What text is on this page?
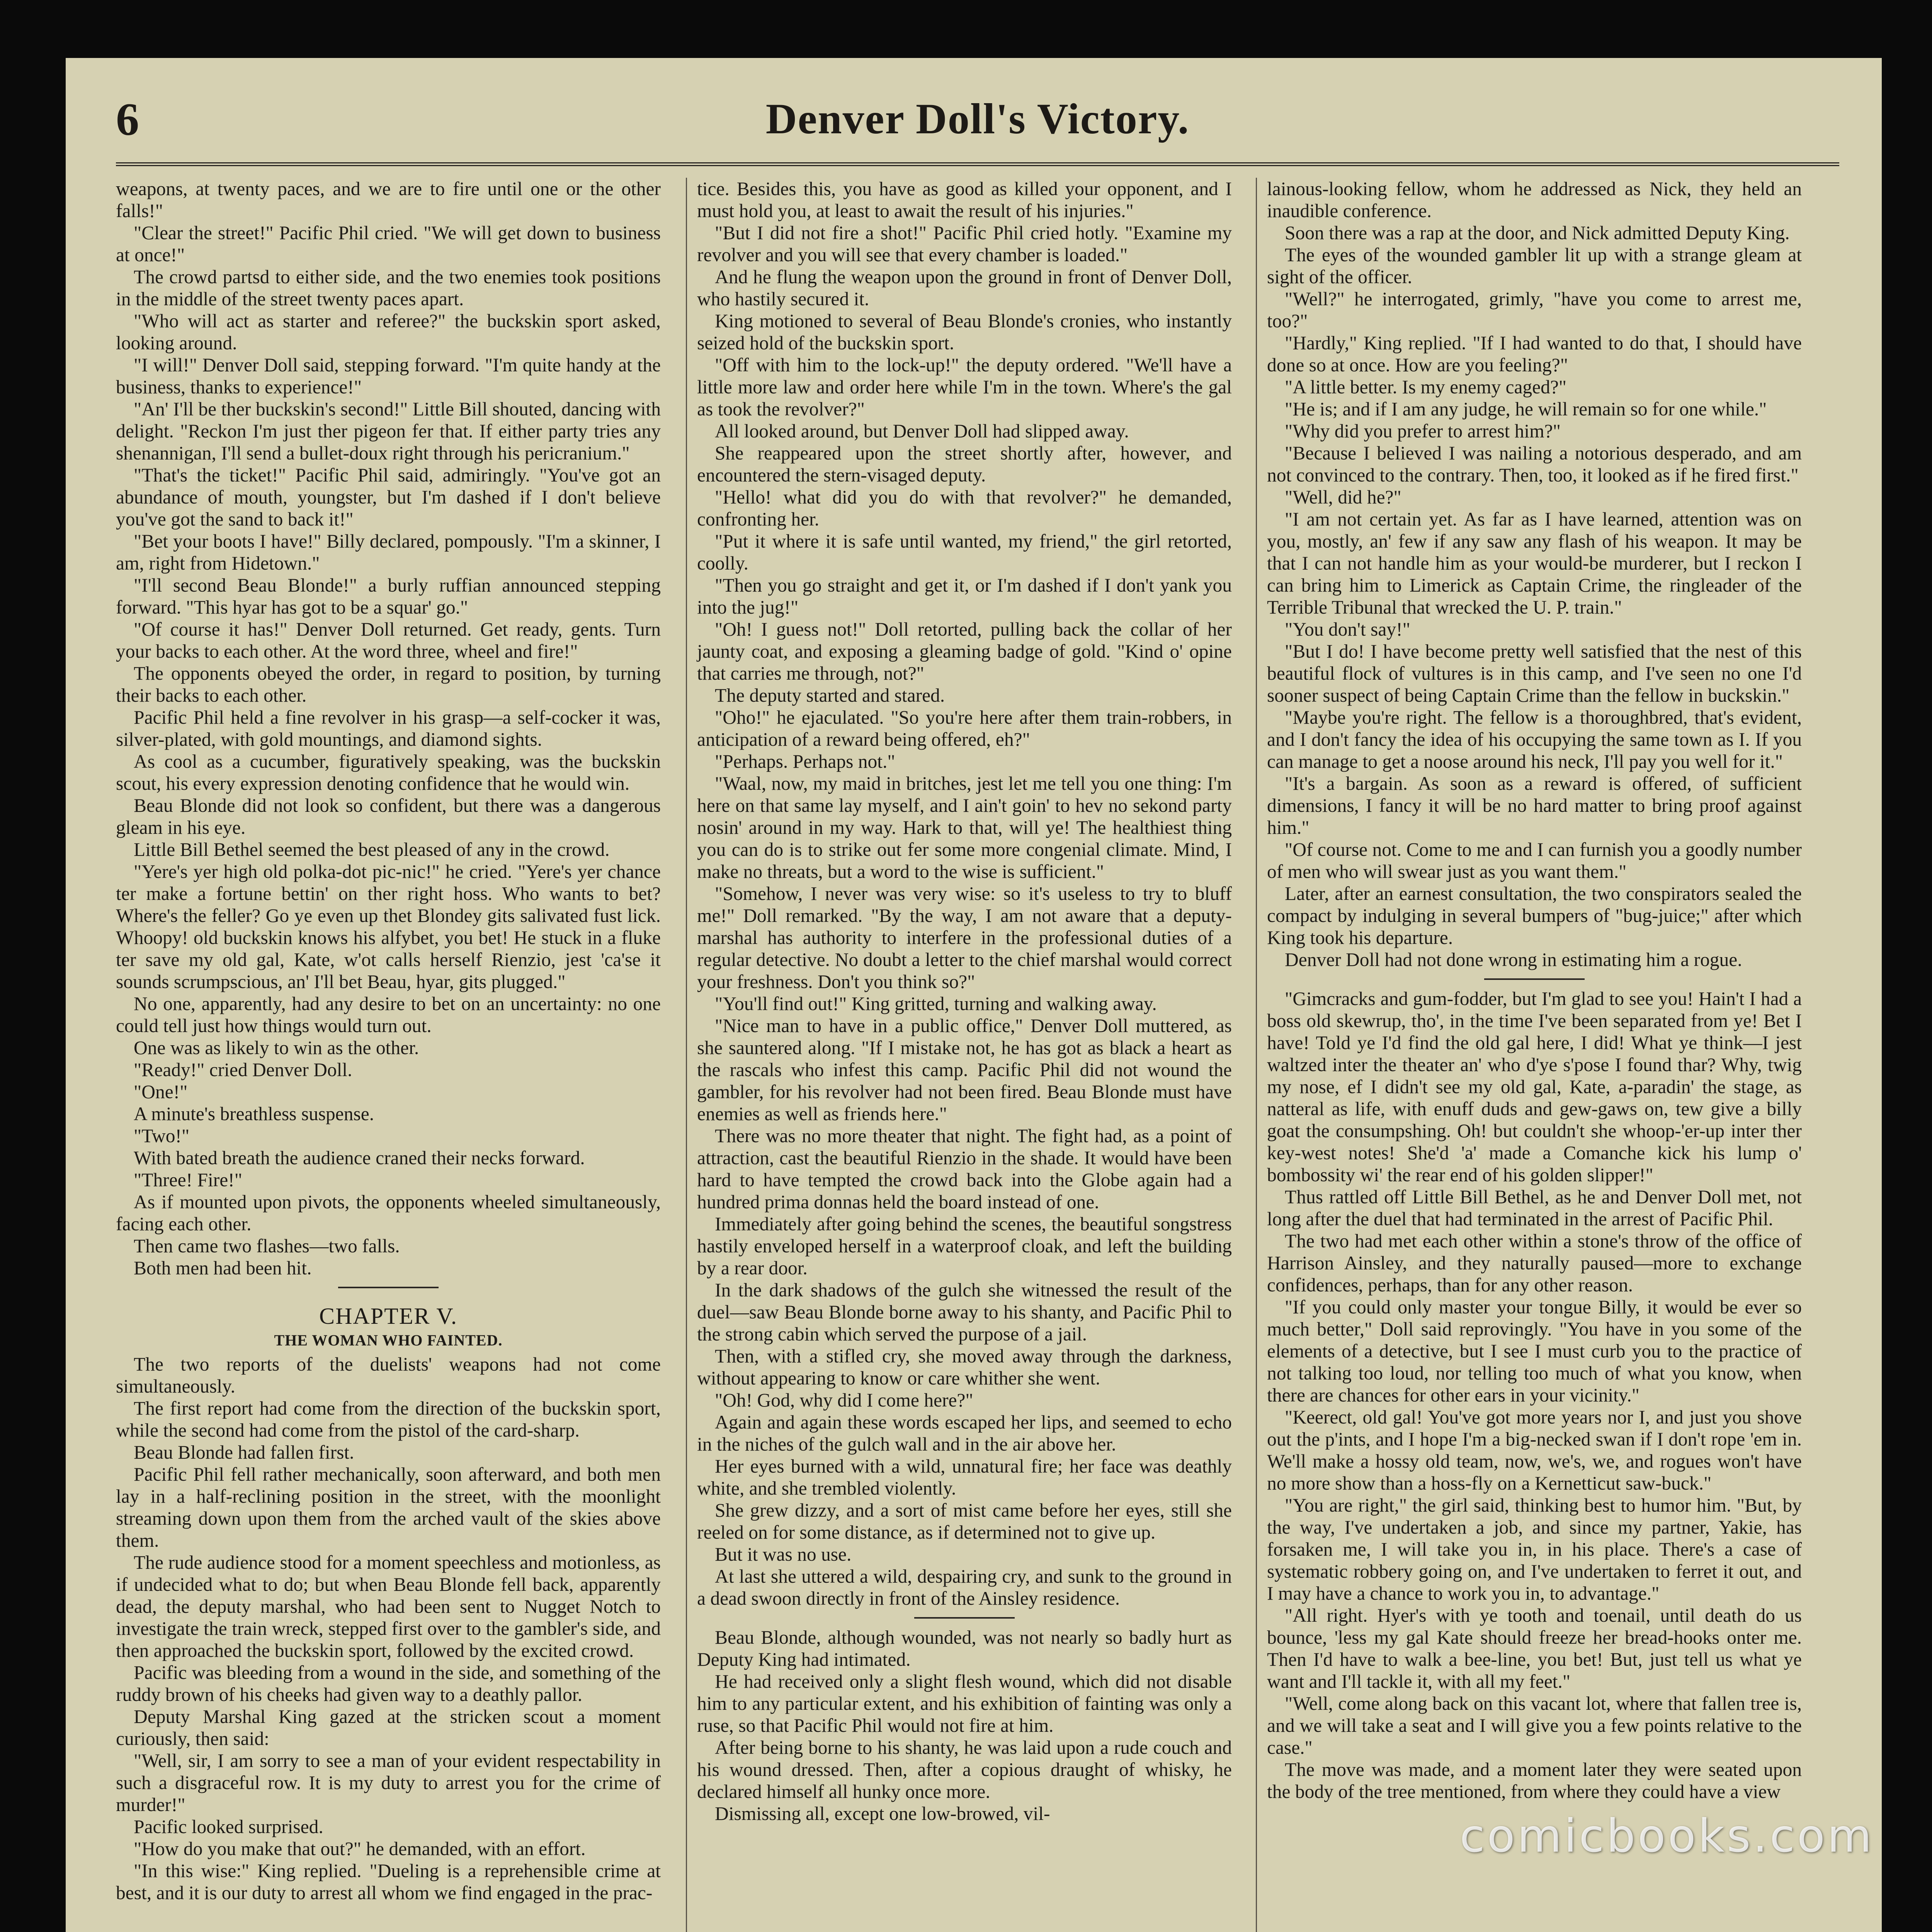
6	Denver Doll's Victory.

weapons, at twenty paces, and we are to fire until one or the other falls!"

"Clear the street!" Pacific Phil cried. "We will get down to business at once!"

The crowd partsd to either side, and the two enemies took positions in the middle of the street twenty paces apart.

"Who will act as starter and referee?" the buckskin sport asked, looking around.

"I will!" Denver Doll said, stepping forward. "I'm quite handy at the business, thanks to experience!"

"An' I'll be ther buckskin's second!" Little Bill shouted, dancing with delight. "Reckon I'm just ther pigeon fer that. If either party tries any shenannigan, I'll send a bullet-doux right through his pericranium."

"That's the ticket!" Pacific Phil said, admiringly. "You've got an abundance of mouth, youngster, but I'm dashed if I don't believe you've got the sand to back it!"

"Bet your boots I have!" Billy declared, pompously. "I'm a skinner, I am, right from Hidetown."

"I'll second Beau Blonde!" a burly ruffian announced stepping forward. "This hyar has got to be a squar' go."

"Of course it has!" Denver Doll returned. Get ready, gents. Turn your backs to each other. At the word three, wheel and fire!"

The opponents obeyed the order, in regard to position, by turning their backs to each other.

Pacific Phil held a fine revolver in his grasp—a self-cocker it was, silver-plated, with gold mountings, and diamond sights.

As cool as a cucumber, figuratively speaking, was the buckskin scout, his every expression denoting confidence that he would win.

Beau Blonde did not look so confident, but there was a dangerous gleam in his eye.

Little Bill Bethel seemed the best pleased of any in the crowd.

"Yere's yer high old polka-dot pic-nic!" he cried. "Yere's yer chance ter make a fortune bettin' on ther right hoss. Who wants to bet? Where's the feller? Go ye even up thet Blondey gits salivated fust lick. Whoopy! old buckskin knows his alfybet, you bet! He stuck in a fluke ter save my old gal, Kate, w'ot calls herself Rienzio, jest 'ca'se it sounds scrumpscious, an' I'll bet Beau, hyar, gits plugged."

No one, apparently, had any desire to bet on an uncertainty: no one could tell just how things would turn out.

One was as likely to win as the other.

"Ready!" cried Denver Doll.

"One!"

A minute's breathless suspense.

"Two!"

With bated breath the audience craned their necks forward.

"Three! Fire!"

As if mounted upon pivots, the opponents wheeled simultaneously, facing each other.

Then came two flashes—two falls.

Both men had been hit.

CHAPTER V.
THE WOMAN WHO FAINTED.

The two reports of the duelists' weapons had not come simultaneously.

The first report had come from the direction of the buckskin sport, while the second had come from the pistol of the card-sharp.

Beau Blonde had fallen first.

Pacific Phil fell rather mechanically, soon afterward, and both men lay in a half-reclining position in the street, with the moonlight streaming down upon them from the arched vault of the skies above them.

The rude audience stood for a moment speechless and motionless, as if undecided what to do; but when Beau Blonde fell back, apparently dead, the deputy marshal, who had been sent to Nugget Notch to investigate the train wreck, stepped first over to the gambler's side, and then approached the buckskin sport, followed by the excited crowd.

Pacific was bleeding from a wound in the side, and something of the ruddy brown of his cheeks had given way to a deathly pallor.

Deputy Marshal King gazed at the stricken scout a moment curiously, then said:

"Well, sir, I am sorry to see a man of your evident respectability in such a disgraceful row. It is my duty to arrest you for the crime of murder!"

Pacific looked surprised.

"How do you make that out?" he demanded, with an effort.

"In this wise:" King replied. "Dueling is a reprehensible crime at best, and it is our duty to arrest all whom we find engaged in the prac-

tice. Besides this, you have as good as killed your opponent, and I must hold you, at least to await the result of his injuries."

"But I did not fire a shot!" Pacific Phil cried hotly. "Examine my revolver and you will see that every chamber is loaded."

And he flung the weapon upon the ground in front of Denver Doll, who hastily secured it.

King motioned to several of Beau Blonde's cronies, who instantly seized hold of the buckskin sport.

"Off with him to the lock-up!" the deputy ordered. "We'll have a little more law and order here while I'm in the town. Where's the gal as took the revolver?"

All looked around, but Denver Doll had slipped away.

She reappeared upon the street shortly after, however, and encountered the stern-visaged deputy.

"Hello! what did you do with that revolver?" he demanded, confronting her.

"Put it where it is safe until wanted, my friend," the girl retorted, coolly.

"Then you go straight and get it, or I'm dashed if I don't yank you into the jug!"

"Oh! I guess not!" Doll retorted, pulling back the collar of her jaunty coat, and exposing a gleaming badge of gold. "Kind o' opine that carries me through, not?"

The deputy started and stared.

"Oho!" he ejaculated. "So you're here after them train-robbers, in anticipation of a reward being offered, eh?"

"Perhaps. Perhaps not."

"Waal, now, my maid in britches, jest let me tell you one thing: I'm here on that same lay myself, and I ain't goin' to hev no sekond party nosin' around in my way. Hark to that, will ye! The healthiest thing you can do is to strike out fer some more congenial climate. Mind, I make no threats, but a word to the wise is sufficient."

"Somehow, I never was very wise: so it's useless to try to bluff me!" Doll remarked. "By the way, I am not aware that a deputy-marshal has authority to interfere in the professional duties of a regular detective. No doubt a letter to the chief marshal would correct your freshness. Don't you think so?"

"You'll find out!" King gritted, turning and walking away.

"Nice man to have in a public office," Denver Doll muttered, as she sauntered along. "If I mistake not, he has got as black a heart as the rascals who infest this camp. Pacific Phil did not wound the gambler, for his revolver had not been fired. Beau Blonde must have enemies as well as friends here."

There was no more theater that night. The fight had, as a point of attraction, cast the beautiful Rienzio in the shade. It would have been hard to have tempted the crowd back into the Globe again had a hundred prima donnas held the board instead of one.

Immediately after going behind the scenes, the beautiful songstress hastily enveloped herself in a waterproof cloak, and left the building by a rear door.

In the dark shadows of the gulch she witnessed the result of the duel—saw Beau Blonde borne away to his shanty, and Pacific Phil to the strong cabin which served the purpose of a jail.

Then, with a stifled cry, she moved away through the darkness, without appearing to know or care whither she went.

"Oh! God, why did I come here?"

Again and again these words escaped her lips, and seemed to echo in the niches of the gulch wall and in the air above her.

Her eyes burned with a wild, unnatural fire; her face was deathly white, and she trembled violently.

She grew dizzy, and a sort of mist came before her eyes, still she reeled on for some distance, as if determined not to give up.

But it was no use.

At last she uttered a wild, despairing cry, and sunk to the ground in a dead swoon directly in front of the Ainsley residence.

Beau Blonde, although wounded, was not nearly so badly hurt as Deputy King had intimated.

He had received only a slight flesh wound, which did not disable him to any particular extent, and his exhibition of fainting was only a ruse, so that Pacific Phil would not fire at him.

After being borne to his shanty, he was laid upon a rude couch and his wound dressed. Then, after a copious draught of whisky, he declared himself all hunky once more.

Dismissing all, except one low-browed, vil-

lainous-looking fellow, whom he addressed as Nick, they held an inaudible conference.

Soon there was a rap at the door, and Nick admitted Deputy King.

The eyes of the wounded gambler lit up with a strange gleam at sight of the officer.

"Well?" he interrogated, grimly, "have you come to arrest me, too?"

"Hardly," King replied. "If I had wanted to do that, I should have done so at once. How are you feeling?"

"A little better. Is my enemy caged?"

"He is; and if I am any judge, he will remain so for one while."

"Why did you prefer to arrest him?"

"Because I believed I was nailing a notorious desperado, and am not convinced to the contrary. Then, too, it looked as if he fired first."

"Well, did he?"

"I am not certain yet. As far as I have learned, attention was on you, mostly, an' few if any saw any flash of his weapon. It may be that I can not handle him as your would-be murderer, but I reckon I can bring him to Limerick as Captain Crime, the ringleader of the Terrible Tribunal that wrecked the U. P. train."

"You don't say!"

"But I do! I have become pretty well satisfied that the nest of this beautiful flock of vultures is in this camp, and I've seen no one I'd sooner suspect of being Captain Crime than the fellow in buckskin."

"Maybe you're right. The fellow is a thoroughbred, that's evident, and I don't fancy the idea of his occupying the same town as I. If you can manage to get a noose around his neck, I'll pay you well for it."

"It's a bargain. As soon as a reward is offered, of sufficient dimensions, I fancy it will be no hard matter to bring proof against him."

"Of course not. Come to me and I can furnish you a goodly number of men who will swear just as you want them."

Later, after an earnest consultation, the two conspirators sealed the compact by indulging in several bumpers of "bug-juice;" after which King took his departure.

Denver Doll had not done wrong in estimating him a rogue.

"Gimcracks and gum-fodder, but I'm glad to see you! Hain't I had a boss old skewrup, tho', in the time I've been separated from ye! Bet I have! Told ye I'd find the old gal here, I did! What ye think—I jest waltzed inter the theater an' who d'ye s'pose I found thar? Why, twig my nose, ef I didn't see my old gal, Kate, a-paradin' the stage, as natteral as life, with enuff duds and gew-gaws on, tew give a billy goat the consumpshing. Oh! but couldn't she whoop-'er-up inter ther key-west notes! She'd 'a' made a Comanche kick his lump o' bombossity wi' the rear end of his golden slipper!"

Thus rattled off Little Bill Bethel, as he and Denver Doll met, not long after the duel that had terminated in the arrest of Pacific Phil.

The two had met each other within a stone's throw of the office of Harrison Ainsley, and they naturally paused—more to exchange confidences, perhaps, than for any other reason.

"If you could only master your tongue Billy, it would be ever so much better," Doll said reprovingly. "You have in you some of the elements of a detective, but I see I must curb you to the practice of not talking too loud, nor telling too much of what you know, when there are chances for other ears in your vicinity."

"Keerect, old gal! You've got more years nor I, and just you shove out the p'ints, and I hope I'm a big-necked swan if I don't rope 'em in. We'll make a hossy old team, now, we's, we, and rogues won't have no more show than a hoss-fly on a Kernetticut saw-buck."

"You are right," the girl said, thinking best to humor him. "But, by the way, I've undertaken a job, and since my partner, Yakie, has forsaken me, I will take you in, in his place. There's a case of systematic robbery going on, and I've undertaken to ferret it out, and I may have a chance to work you in, to advantage."

"All right. Hyer's with ye tooth and toenail, until death do us bounce, 'less my gal Kate should freeze her bread-hooks onter me. Then I'd have to walk a bee-line, you bet! But, just tell us what ye want and I'll tackle it, with all my feet."

"Well, come along back on this vacant lot, where that fallen tree is, and we will take a seat and I will give you a few points relative to the case."

The move was made, and a moment later they were seated upon the body of the tree mentioned, from where they could have a view

comicbooks.com
